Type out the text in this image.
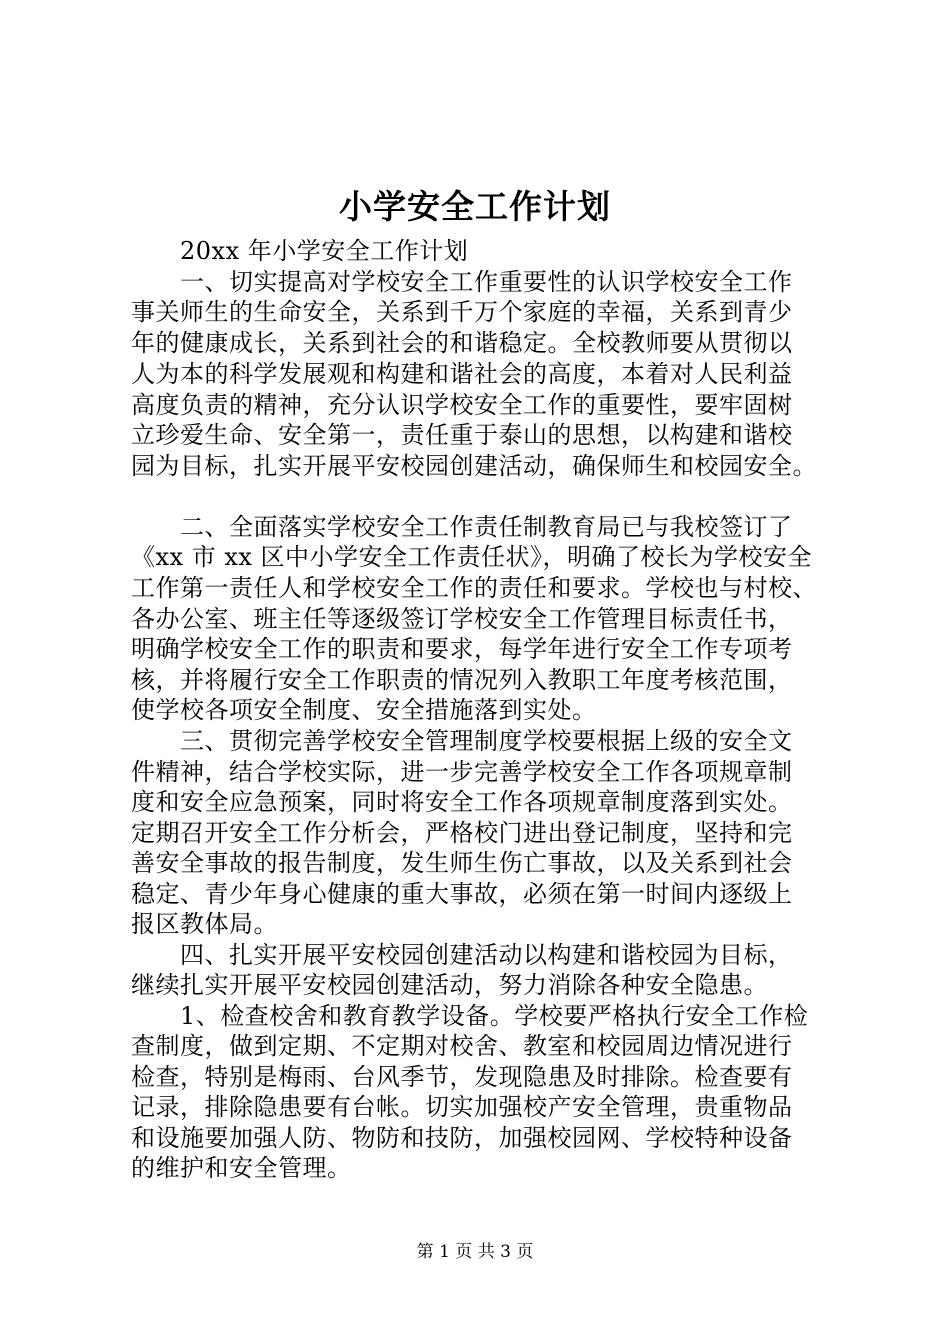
小学安全工作计划
　　20xx 年小学安全工作计划
　　一、切实提高对学校安全工作重要性的认识学校安全工作
事关师生的生命安全，关系到千万个家庭的幸福，关系到青少
年的健康成长，关系到社会的和谐稳定。全校教师要从贯彻以
人为本的科学发展观和构建和谐社会的高度，本着对人民利益
高度负责的精神，充分认识学校安全工作的重要性，要牢固树
立珍爱生命、安全第一，责任重于泰山的思想，以构建和谐校
园为目标，扎实开展平安校园创建活动，确保师生和校园安全。
　　二、全面落实学校安全工作责任制教育局已与我校签订了
《xx 市 xx 区中小学安全工作责任状》，明确了校长为学校安全
工作第一责任人和学校安全工作的责任和要求。学校也与村校、
各办公室、班主任等逐级签订学校安全工作管理目标责任书，
明确学校安全工作的职责和要求，每学年进行安全工作专项考
核，并将履行安全工作职责的情况列入教职工年度考核范围，
使学校各项安全制度、安全措施落到实处。
　　三、贯彻完善学校安全管理制度学校要根据上级的安全文
件精神，结合学校实际，进一步完善学校安全工作各项规章制
度和安全应急预案，同时将安全工作各项规章制度落到实处。
定期召开安全工作分析会，严格校门进出登记制度，坚持和完
善安全事故的报告制度，发生师生伤亡事故，以及关系到社会
稳定、青少年身心健康的重大事故，必须在第一时间内逐级上
报区教体局。
　　四、扎实开展平安校园创建活动以构建和谐校园为目标，
继续扎实开展平安校园创建活动，努力消除各种安全隐患。
　　1、检查校舍和教育教学设备。学校要严格执行安全工作检
查制度，做到定期、不定期对校舍、教室和校园周边情况进行
检查，特别是梅雨、台风季节，发现隐患及时排除。检查要有
记录，排除隐患要有台帐。切实加强校产安全管理，贵重物品
和设施要加强人防、物防和技防，加强校园网、学校特种设备
的维护和安全管理。
第 1 页 共 3 页
